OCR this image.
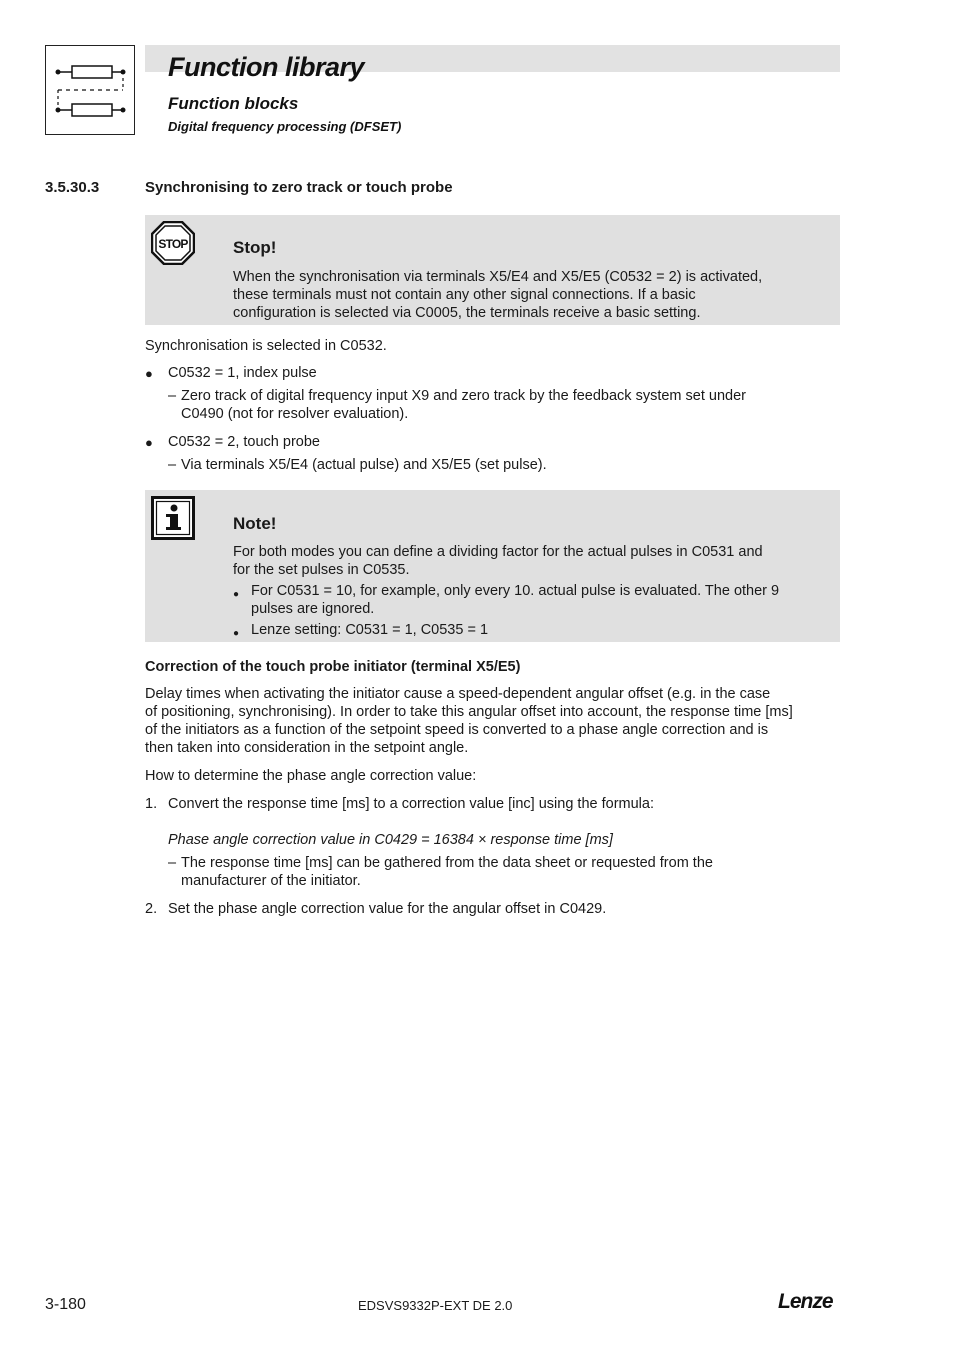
Function library
Function blocks
Digital frequency processing (DFSET)
3.5.30.3	Synchronising to zero track or touch probe
STOP	Stop!
When the synchronisation via terminals X5/E4 and X5/E5 (C0532 = 2) is activated,
these terminals must not contain any other signal connections. If a basic
configuration is selected via C0005, the terminals receive a basic setting.
Synchronisation is selected in C0532.
● C0532 = 1, index pulse
– Zero track of digital frequency input X9 and zero track by the feedback system set under
C0490 (not for resolver evaluation).
● C0532 = 2, touch probe
– Via terminals X5/E4 (actual pulse) and X5/E5 (set pulse).
Note!
For both modes you can define a dividing factor for the actual pulses in C0531 and
for the set pulses in C0535.
● For C0531 = 10, for example, only every 10. actual pulse is evaluated. The other 9
pulses are ignored.
● Lenze setting: C0531 = 1, C0535 = 1
Correction of the touch probe initiator (terminal X5/E5)
Delay times when activating the initiator cause a speed-dependent angular offset (e.g. in the case
of positioning, synchronising). In order to take this angular offset into account, the response time [ms]
of the initiators as a function of the setpoint speed is converted to a phase angle correction and is
then taken into consideration in the setpoint angle.
How to determine the phase angle correction value:
1. Convert the response time [ms] to a correction value [inc] using the formula:
Phase angle correction value in C0429 = 16384 × response time [ms]
– The response time [ms] can be gathered from the data sheet or requested from the
manufacturer of the initiator.
2. Set the phase angle correction value for the angular offset in C0429.
3-180	EDSVS9332P-EXT DE 2.0	Lenze
